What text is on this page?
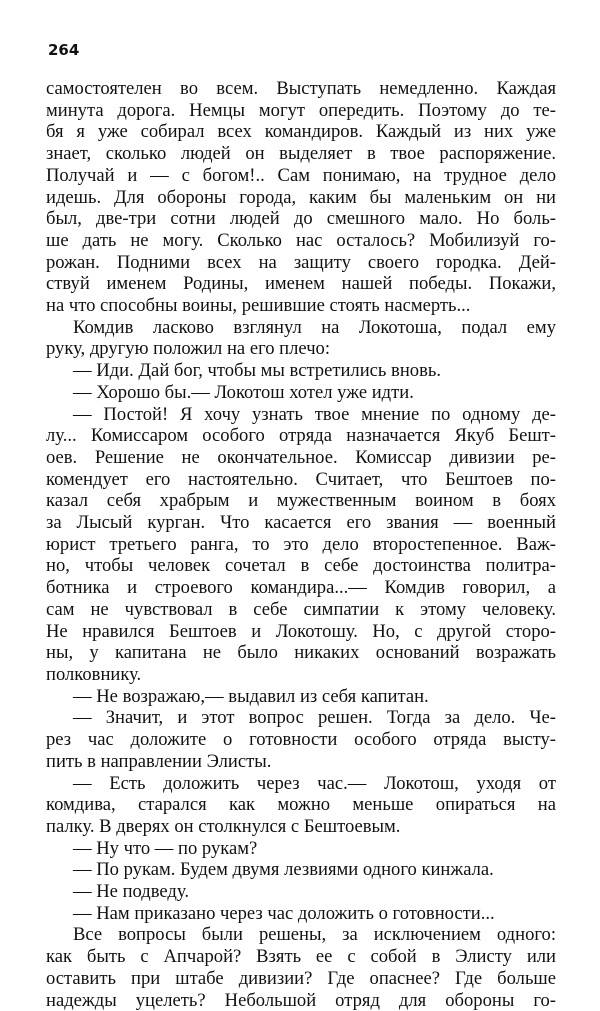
264
самостоятелен во всем. Выступать немедленно. Каждая
минута дорога. Немцы могут опередить. Поэтому до те-
бя я уже собирал всех командиров. Каждый из них уже
знает, сколько людей он выделяет в твое распоряжение.
Получай и — с богом!.. Сам понимаю, на трудное дело
идешь. Для обороны города, каким бы маленьким он ни
был, две-три сотни людей до смешного мало. Но боль-
ше дать не могу. Сколько нас осталось? Мобилизуй го-
рожан. Подними всех на защиту своего городка. Дей-
ствуй именем Родины, именем нашей победы. Покажи,
на что способны воины, решившие стоять насмерть...
Комдив ласково взглянул на Локотоша, подал ему
руку, другую положил на его плечо:
— Иди. Дай бог, чтобы мы встретились вновь.
— Хорошо бы.— Локотош хотел уже идти.
— Постой! Я хочу узнать твое мнение по одному де-
лу... Комиссаром особого отряда назначается Якуб Бешт-
оев. Решение не окончательное. Комиссар дивизии ре-
комендует его настоятельно. Считает, что Бештоев по-
казал себя храбрым и мужественным воином в боях
за Лысый курган. Что касается его звания — военный
юрист третьего ранга, то это дело второстепенное. Важ-
но, чтобы человек сочетал в себе достоинства политра-
ботника и строевого командира...— Комдив говорил, а
сам не чувствовал в себе симпатии к этому человеку.
Не нравился Бештоев и Локотошу. Но, с другой сторо-
ны, у капитана не было никаких оснований возражать
полковнику.
— Не возражаю,— выдавил из себя капитан.
— Значит, и этот вопрос решен. Тогда за дело. Че-
рез час доложите о готовности особого отряда высту-
пить в направлении Элисты.
— Есть доложить через час.— Локотош, уходя от
комдива, старался как можно меньше опираться на
палку. В дверях он столкнулся с Бештоевым.
— Ну что — по рукам?
— По рукам. Будем двумя лезвиями одного кинжала.
— Не подведу.
— Нам приказано через час доложить о готовности...
Все вопросы были решены, за исключением одного:
как быть с Апчарой? Взять ее с собой в Элисту или
оставить при штабе дивизии? Где опаснее? Где больше
надежды уцелеть? Небольшой отряд для обороны го-
